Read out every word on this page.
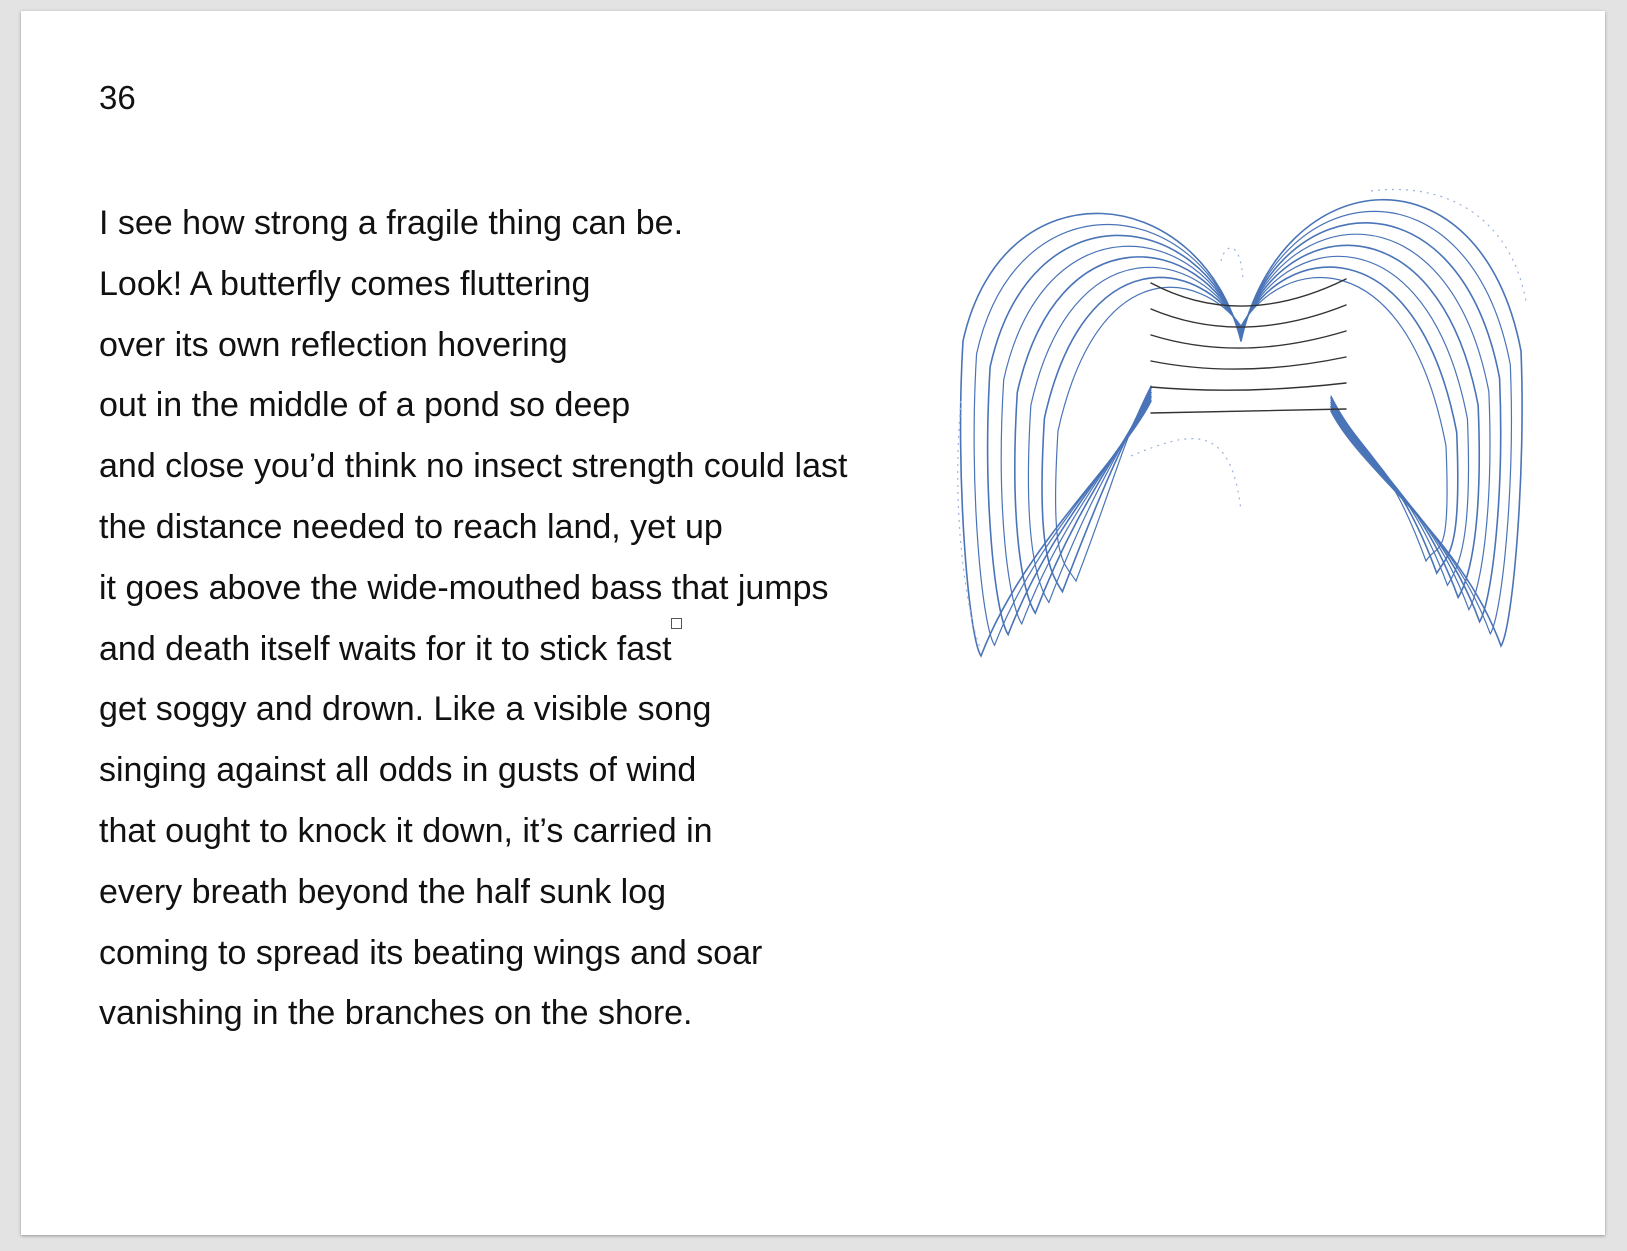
36
I see how strong a fragile thing can be.
Look! A butterfly comes fluttering
over its own reflection hovering
out in the middle of a pond so deep
and close you’d think no insect strength could last
the distance needed to reach land, yet up
it goes above the wide-mouthed bass that jumps
and death itself waits for it to stick fast
get soggy and drown. Like a visible song
singing against all odds in gusts of wind
that ought to knock it down, it’s carried in
every breath beyond the half sunk log
coming to spread its beating wings and soar
vanishing in the branches on the shore.
